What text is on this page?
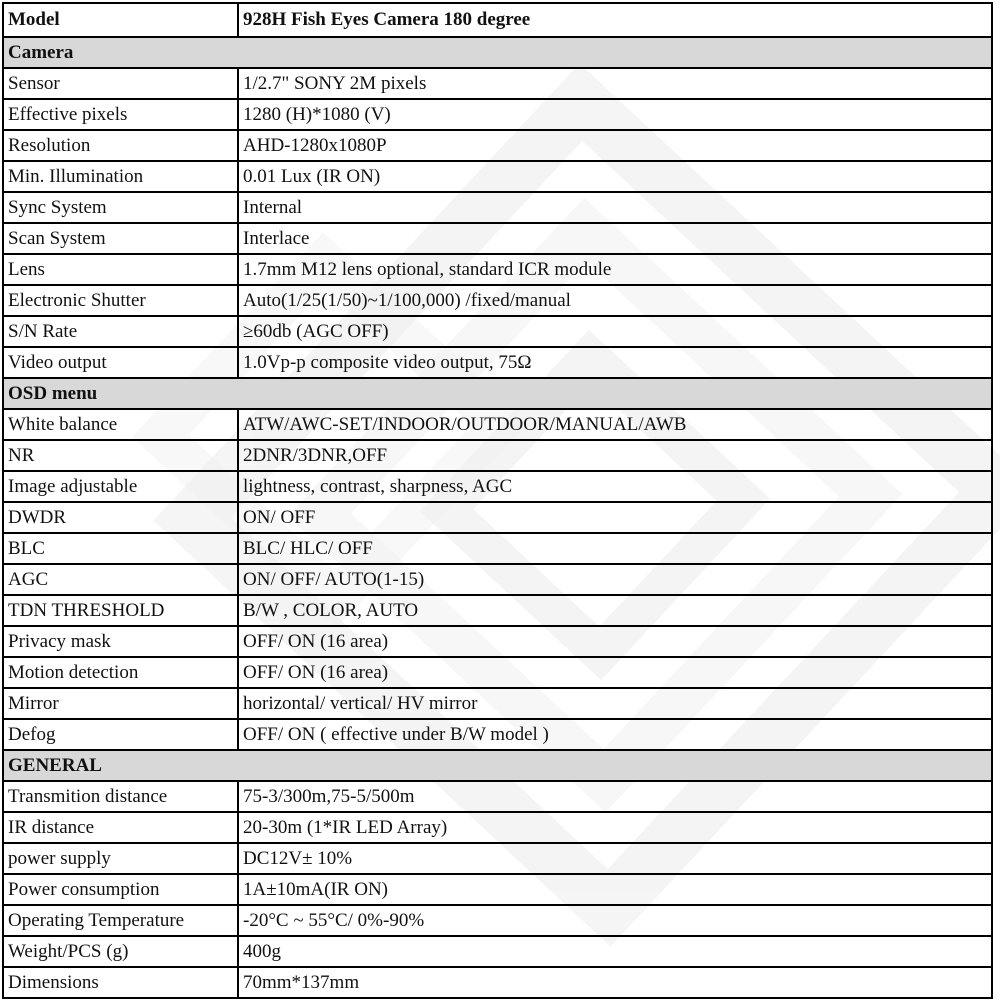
Model	928H Fish Eyes Camera 180 degree
Camera	
Sensor	1/2.7" SONY 2M pixels
Effective pixels	1280 (H)*1080 (V)
Resolution	AHD-1280x1080P
Min. Illumination	0.01 Lux (IR ON)
Sync System	Internal
Scan System	Interlace
Lens	1.7mm M12 lens optional, standard ICR module
Electronic Shutter	Auto(1/25(1/50)~1/100,000) /fixed/manual
S/N Rate	≥60db (AGC OFF)
Video output	1.0Vp-p composite video output, 75Ω
OSD menu	
White balance	ATW/AWC-SET/INDOOR/OUTDOOR/MANUAL/AWB
NR	2DNR/3DNR,OFF
Image adjustable	lightness, contrast, sharpness, AGC
DWDR	ON/ OFF
BLC	BLC/ HLC/ OFF
AGC	ON/ OFF/ AUTO(1-15)
TDN THRESHOLD	B/W , COLOR, AUTO
Privacy mask	OFF/ ON (16 area)
Motion detection	OFF/ ON (16 area)
Mirror	horizontal/ vertical/ HV mirror
Defog	OFF/ ON ( effective under B/W model )
GENERAL	
Transmition distance	75-3/300m,75-5/500m
IR distance	20-30m (1*IR LED Array)
power supply	DC12V± 10%
Power consumption	1A±10mA(IR ON)
Operating Temperature	-20°C ~ 55°C/ 0%-90%
Weight/PCS (g)	400g
Dimensions	70mm*137mm
